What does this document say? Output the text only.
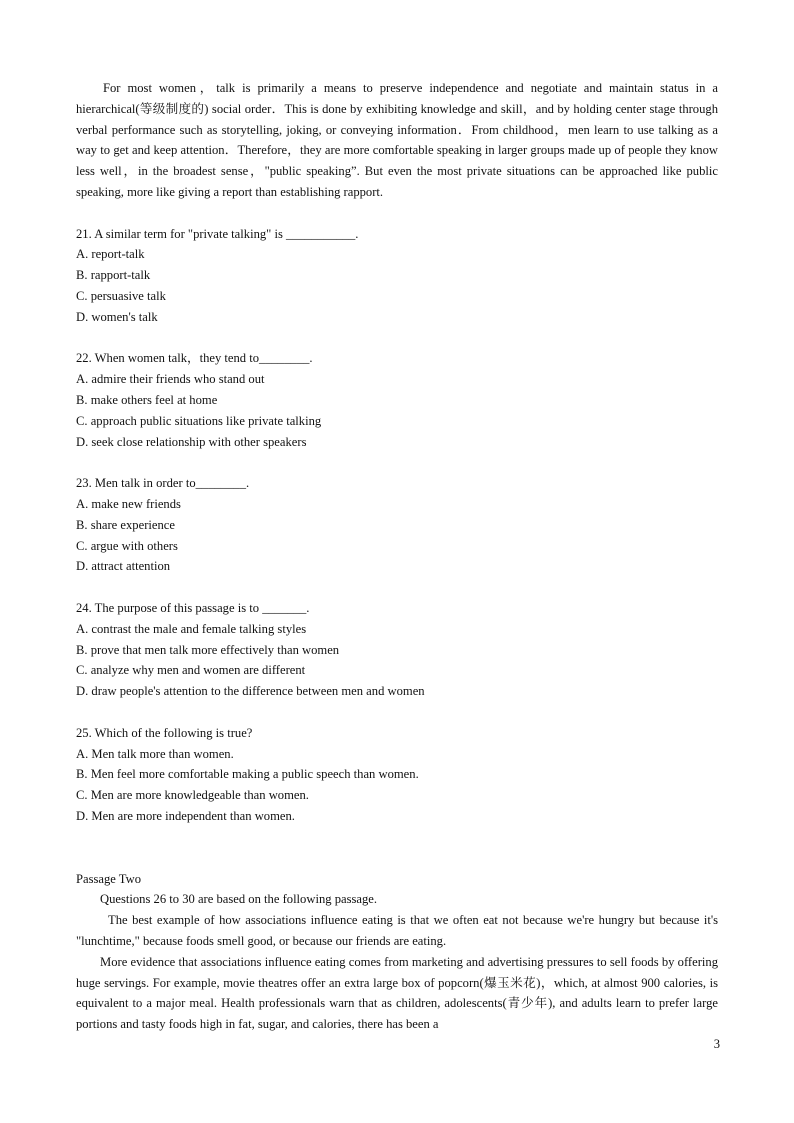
For most women，talk is primarily a means to preserve independence and negotiate and maintain status in a hierarchical(等级制度的) social order．This is done by exhibiting knowledge and skill，and by holding center stage through verbal performance such as storytelling, joking, or conveying information．From childhood，men learn to use talking as a way to get and keep attention．Therefore，they are more comfortable speaking in larger groups made up of people they know less well，in the broadest sense，"public speaking”. But even the most private situations can be approached like public speaking, more like giving a report than establishing rapport.

21. A similar term for "private talking" is ___________.

A. report-talk

B. rapport-talk

C. persuasive talk

D. women's talk

22. When women talk，they tend to________.

A. admire their friends who stand out

B. make others feel at home

C. approach public situations like private talking

D. seek close relationship with other speakers

23. Men talk in order to________.

A. make new friends

B. share experience

C. argue with others

D. attract attention

24. The purpose of this passage is to _______.

A. contrast the male and female talking styles

B. prove that men talk more effectively than women

C. analyze why men and women are different

D. draw people's attention to the difference between men and women

25. Which of the following is true?

A. Men talk more than women.

B. Men feel more comfortable making a public speech than women.

C. Men are more knowledgeable than women.

D. Men are more independent than women.

Passage Two

Questions 26 to 30 are based on the following passage.

The best example of how associations influence eating is that we often eat not because we're hungry but because it's "lunchtime," because foods smell good, or because our friends are eating.

More evidence that associations influence eating comes from marketing and advertising pressures to sell foods by offering huge servings. For example, movie theatres offer an extra large box of popcorn(爆玉米花)，which, at almost 900 calories, is equivalent to a major meal. Health professionals warn that as children, adolescents(青少年), and adults learn to prefer large portions and tasty foods high in fat, sugar, and calories, there has been a

3
